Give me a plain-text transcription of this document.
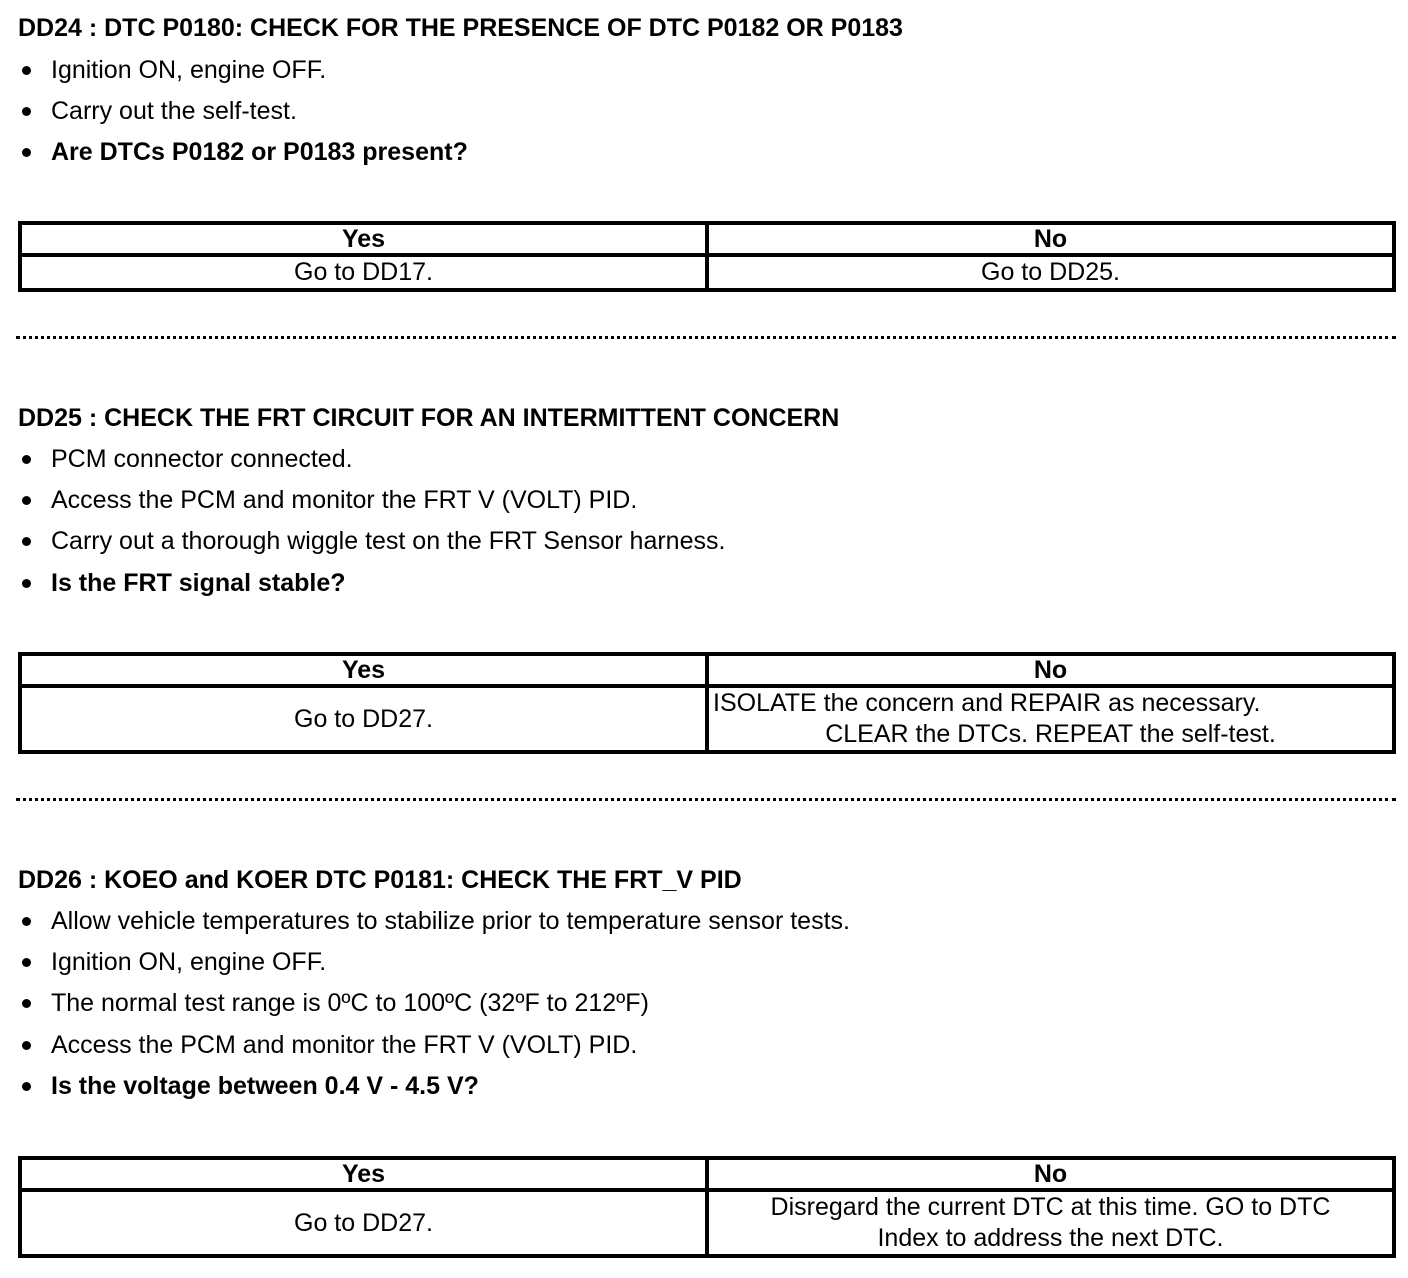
DD24 : DTC P0180: CHECK FOR THE PRESENCE OF DTC P0182 OR P0183
Ignition ON, engine OFF.
Carry out the self-test.
Are DTCs P0182 or P0183 present?
Yes	No
Go to DD17.	Go to DD25.
DD25 : CHECK THE FRT CIRCUIT FOR AN INTERMITTENT CONCERN
PCM connector connected.
Access the PCM and monitor the FRT V (VOLT) PID.
Carry out a thorough wiggle test on the FRT Sensor harness.
Is the FRT signal stable?
Yes	No
Go to DD27.	ISOLATE the concern and REPAIR as necessary.
CLEAR the DTCs. REPEAT the self-test.
DD26 : KOEO and KOER DTC P0181: CHECK THE FRT_V PID
Allow vehicle temperatures to stabilize prior to temperature sensor tests.
Ignition ON, engine OFF.
The normal test range is 0ºC to 100ºC (32ºF to 212ºF)
Access the PCM and monitor the FRT V (VOLT) PID.
Is the voltage between 0.4 V - 4.5 V?
Yes	No
Go to DD27.	Disregard the current DTC at this time. GO to DTC
Index to address the next DTC.
